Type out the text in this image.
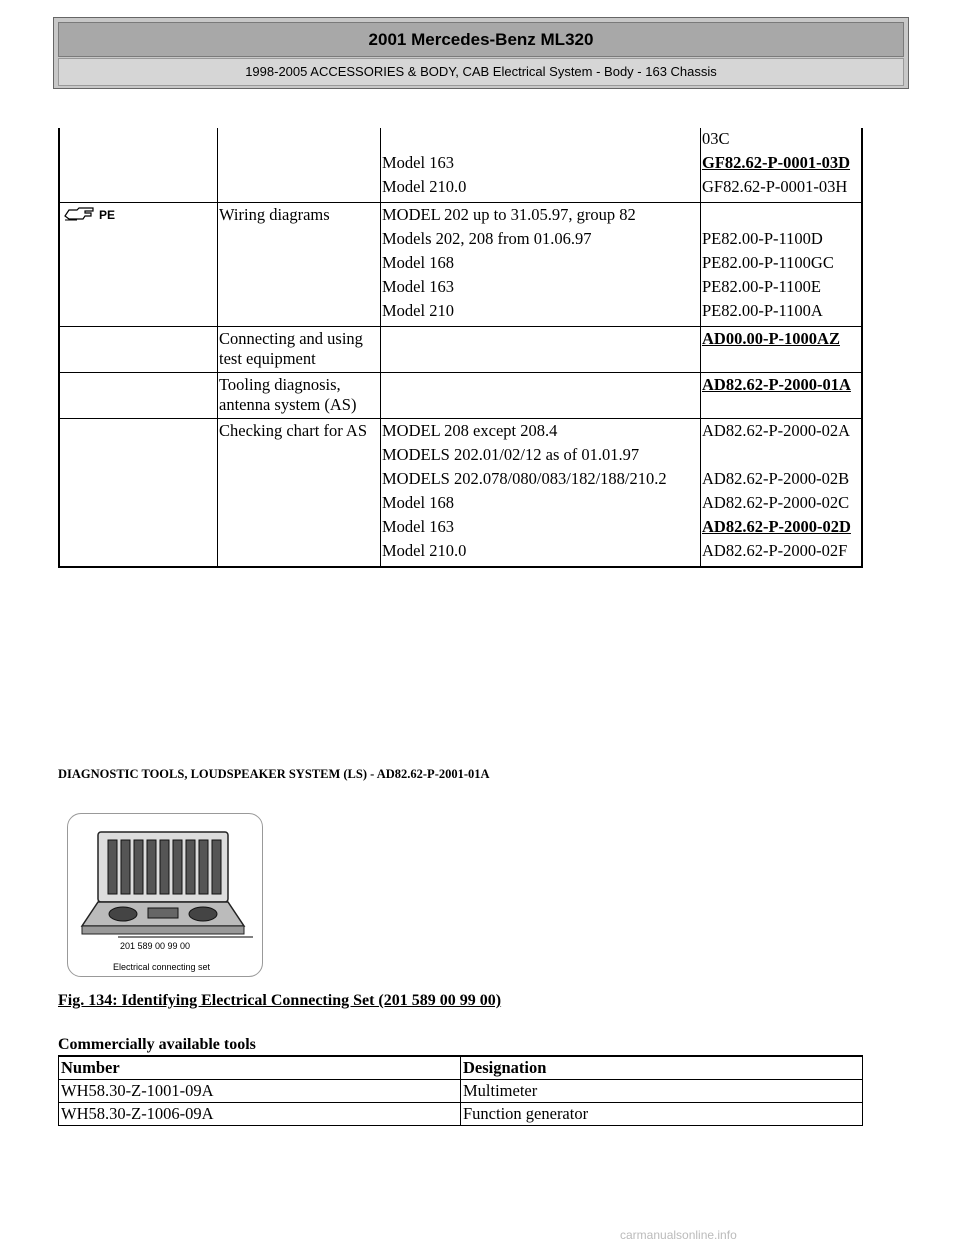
2001 Mercedes-Benz ML320
1998-2005 ACCESSORIES & BODY, CAB Electrical System - Body - 163 Chassis
			03C
		Model 163	GF82.62-P-0001-03D
		Model 210.0	GF82.62-P-0001-03H

PE	Wiring diagrams	MODEL 202 up to 31.05.97, group 82	
		Models 202, 208 from 01.06.97	PE82.00-P-1100D
		Model 168	PE82.00-P-1100GC
		Model 163	PE82.00-P-1100E
		Model 210	PE82.00-P-1100A
	Connecting and using test equipment		AD00.00-P-1000AZ
	Tooling diagnosis, antenna system (AS)		AD82.62-P-2000-01A
	Checking chart for AS	MODEL 208 except 208.4	AD82.62-P-2000-02A
		MODELS 202.01/02/12 as of 01.01.97	
		MODELS 202.078/080/083/182/188/210.2	AD82.62-P-2000-02B
		Model 168	AD82.62-P-2000-02C
		Model 163	AD82.62-P-2000-02D
		Model 210.0	AD82.62-P-2000-02F
DIAGNOSTIC TOOLS, LOUDSPEAKER SYSTEM (LS) - AD82.62-P-2001-01A
201 589 00 99 00
Electrical connecting set
Fig. 134: Identifying Electrical Connecting Set (201 589 00 99 00)
Commercially available tools
Number	Designation
WH58.30-Z-1001-09A	Multimeter
WH58.30-Z-1006-09A	Function generator
carmanualsonline.info
